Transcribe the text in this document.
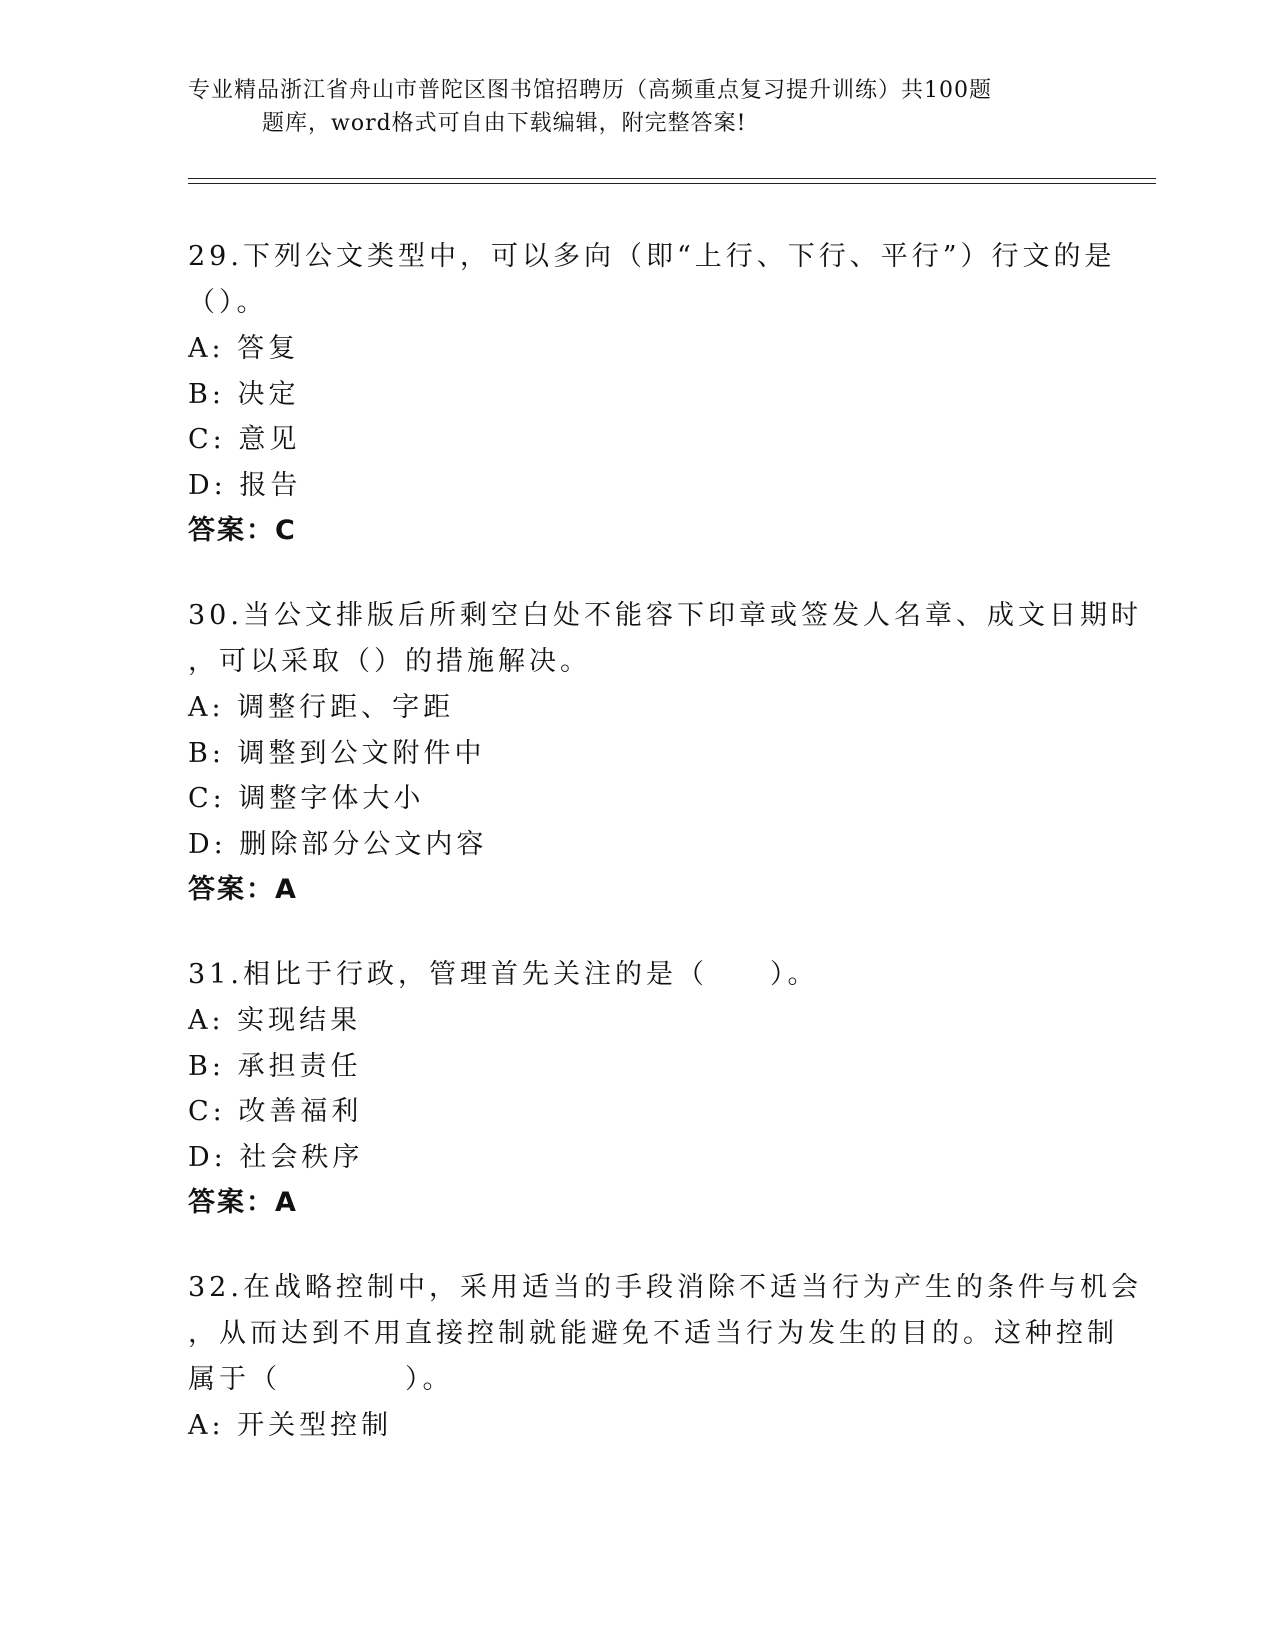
专业精品浙江省舟山市普陀区图书馆招聘历（高频重点复习提升训练）共100题
题库，word格式可自由下载编辑，附完整答案!
29.下列公文类型中，可以多向（即“上行、下行、平行”）行文的是
（）。
A: 答复
B: 决定
C: 意见
D: 报告
答案：C
30.当公文排版后所剩空白处不能容下印章或签发人名章、成文日期时
，可以采取（）的措施解决。
A: 调整行距、字距
B: 调整到公文附件中
C: 调整字体大小
D: 删除部分公文内容
答案：A
31.相比于行政，管理首先关注的是（　　）。
A: 实现结果
B: 承担责任
C: 改善福利
D: 社会秩序
答案：A
32.在战略控制中，采用适当的手段消除不适当行为产生的条件与机会
，从而达到不用直接控制就能避免不适当行为发生的目的。这种控制
属于（　　　　）。
A: 开关型控制
